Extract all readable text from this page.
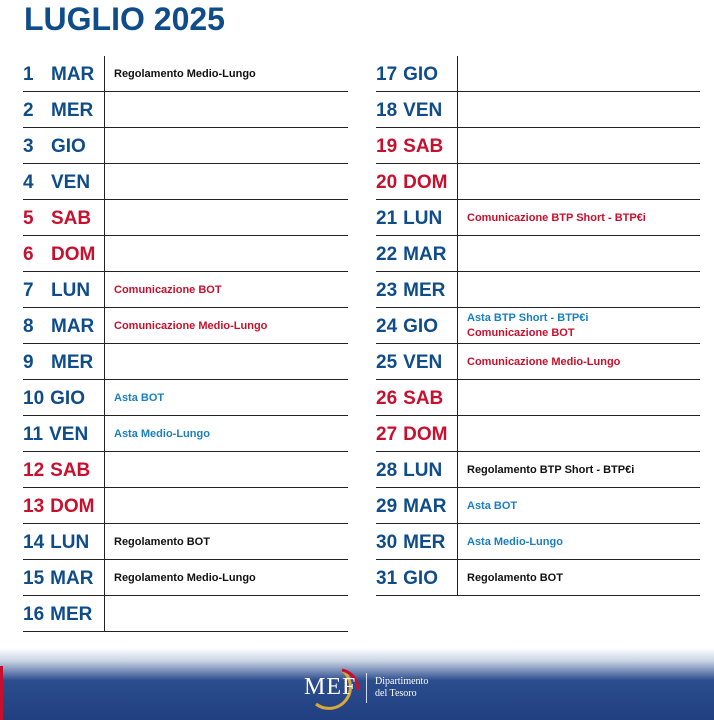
LUGLIO 2025
1 MAR	Regolamento Medio-Lungo
2 MER
3 GIO
4 VEN
5 SAB
6 DOM
7 LUN	Comunicazione BOT
8 MAR	Comunicazione Medio-Lungo
9 MER
10 GIO	Asta BOT
11 VEN	Asta Medio-Lungo
12 SAB
13 DOM
14 LUN	Regolamento BOT
15 MAR	Regolamento Medio-Lungo
16 MER
17 GIO
18 VEN
19 SAB
20 DOM
21 LUN	Comunicazione BTP Short - BTP€i
22 MAR
23 MER
24 GIO	Asta BTP Short - BTP€i
Comunicazione BOT
25 VEN	Comunicazione Medio-Lungo
26 SAB
27 DOM
28 LUN	Regolamento BTP Short - BTP€i
29 MAR	Asta BOT
30 MER	Asta Medio-Lungo
31 GIO	Regolamento BOT
MEF Dipartimento
del Tesoro
